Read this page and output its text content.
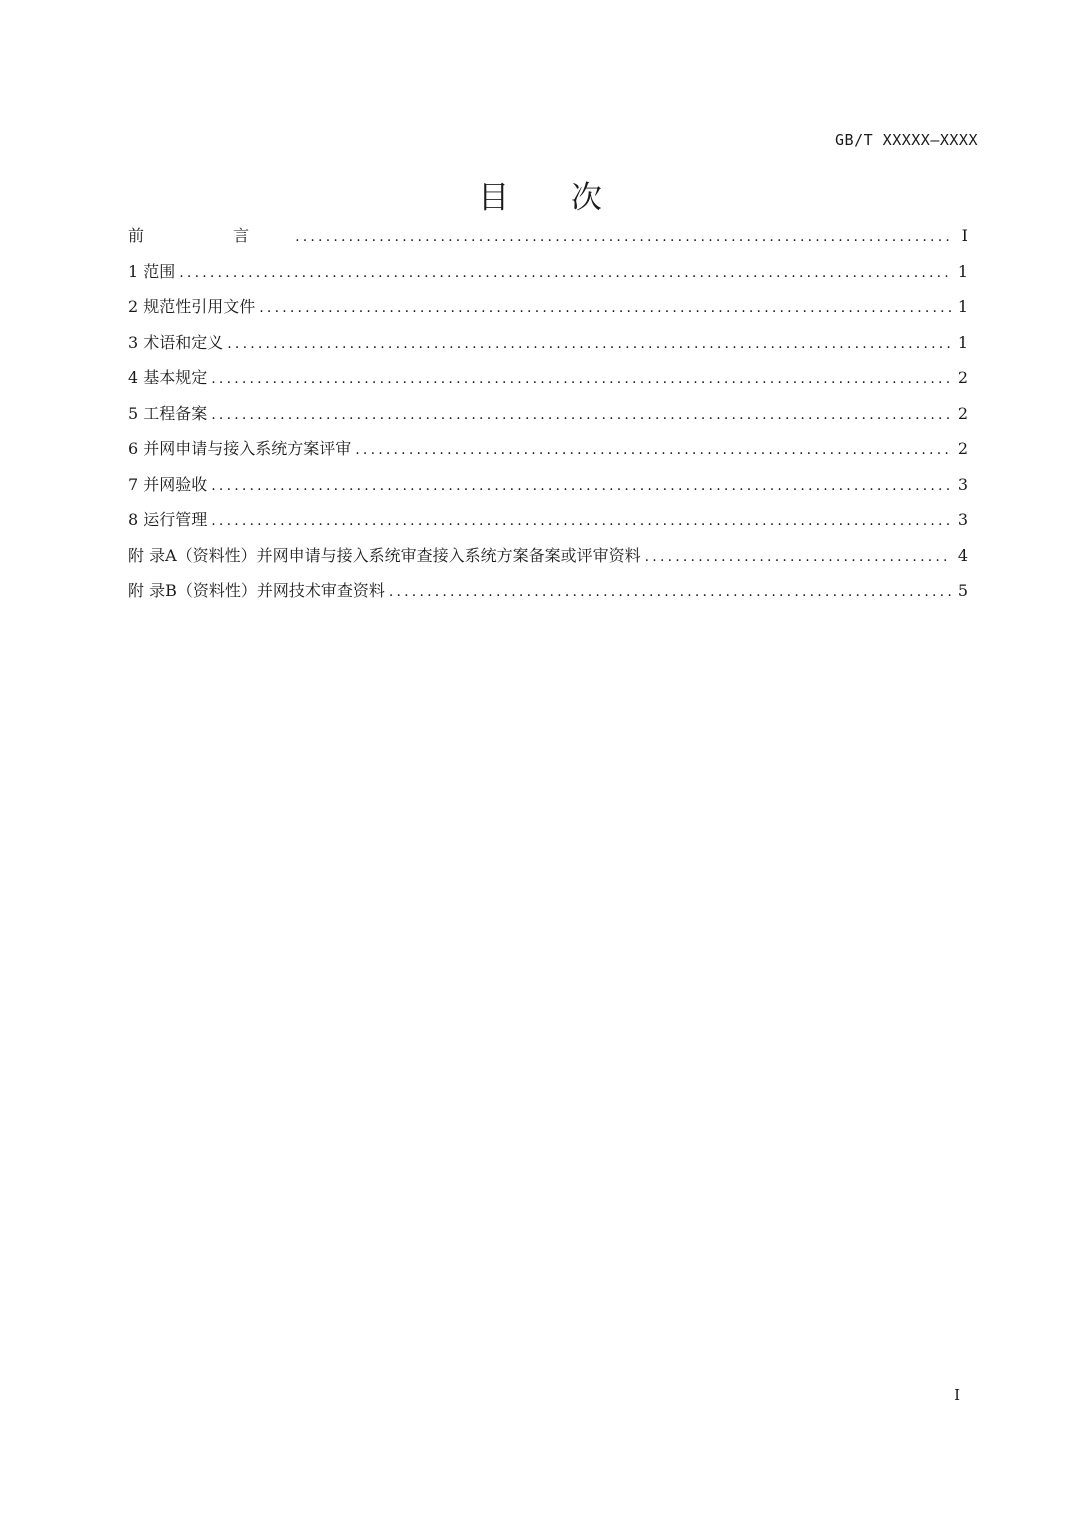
GB/T XXXXX—XXXX
目 次
前 言 .....	I
1 范围 .....	1
2 规范性引用文件 .....	1
3 术语和定义 .....	1
4 基本规定 .....	2
5 工程备案 .....	2
6 并网申请与接入系统方案评审 .....	2
7 并网验收 .....	3
8 运行管理 .....	3
附 录A（资料性）并网申请与接入系统审查接入系统方案备案或评审资料 .....	4
附 录B（资料性）并网技术审查资料 .....	5
I
